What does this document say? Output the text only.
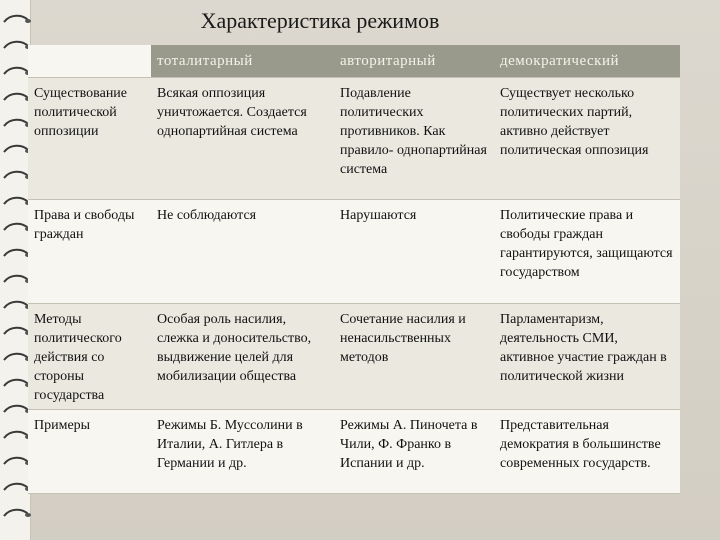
Характеристика режимов
	тоталитарный	авторитарный	демократический
Существование политической оппозиции	Всякая оппозиция уничтожается. Создается однопартийная система	Подавление политических противников. Как правило- однопартийная система	Существует несколько политических партий, активно действует политическая оппозиция
Права и свободы граждан	Не соблюдаются	Нарушаются	Политические права и свободы граждан гарантируются, защищаются государством
Методы политического действия со стороны государства	Особая роль насилия, слежка и доносительство, выдвижение целей для мобилизации общества	Сочетание насилия и ненасильственных методов	Парламентаризм, деятельность СМИ, активное участие граждан в политической жизни
Примеры	Режимы Б. Муссолини в Италии, А. Гитлера в Германии и др.	Режимы А. Пиночета в Чили, Ф. Франко в Испании и др.	Представительная демократия в большинстве современных государств.
